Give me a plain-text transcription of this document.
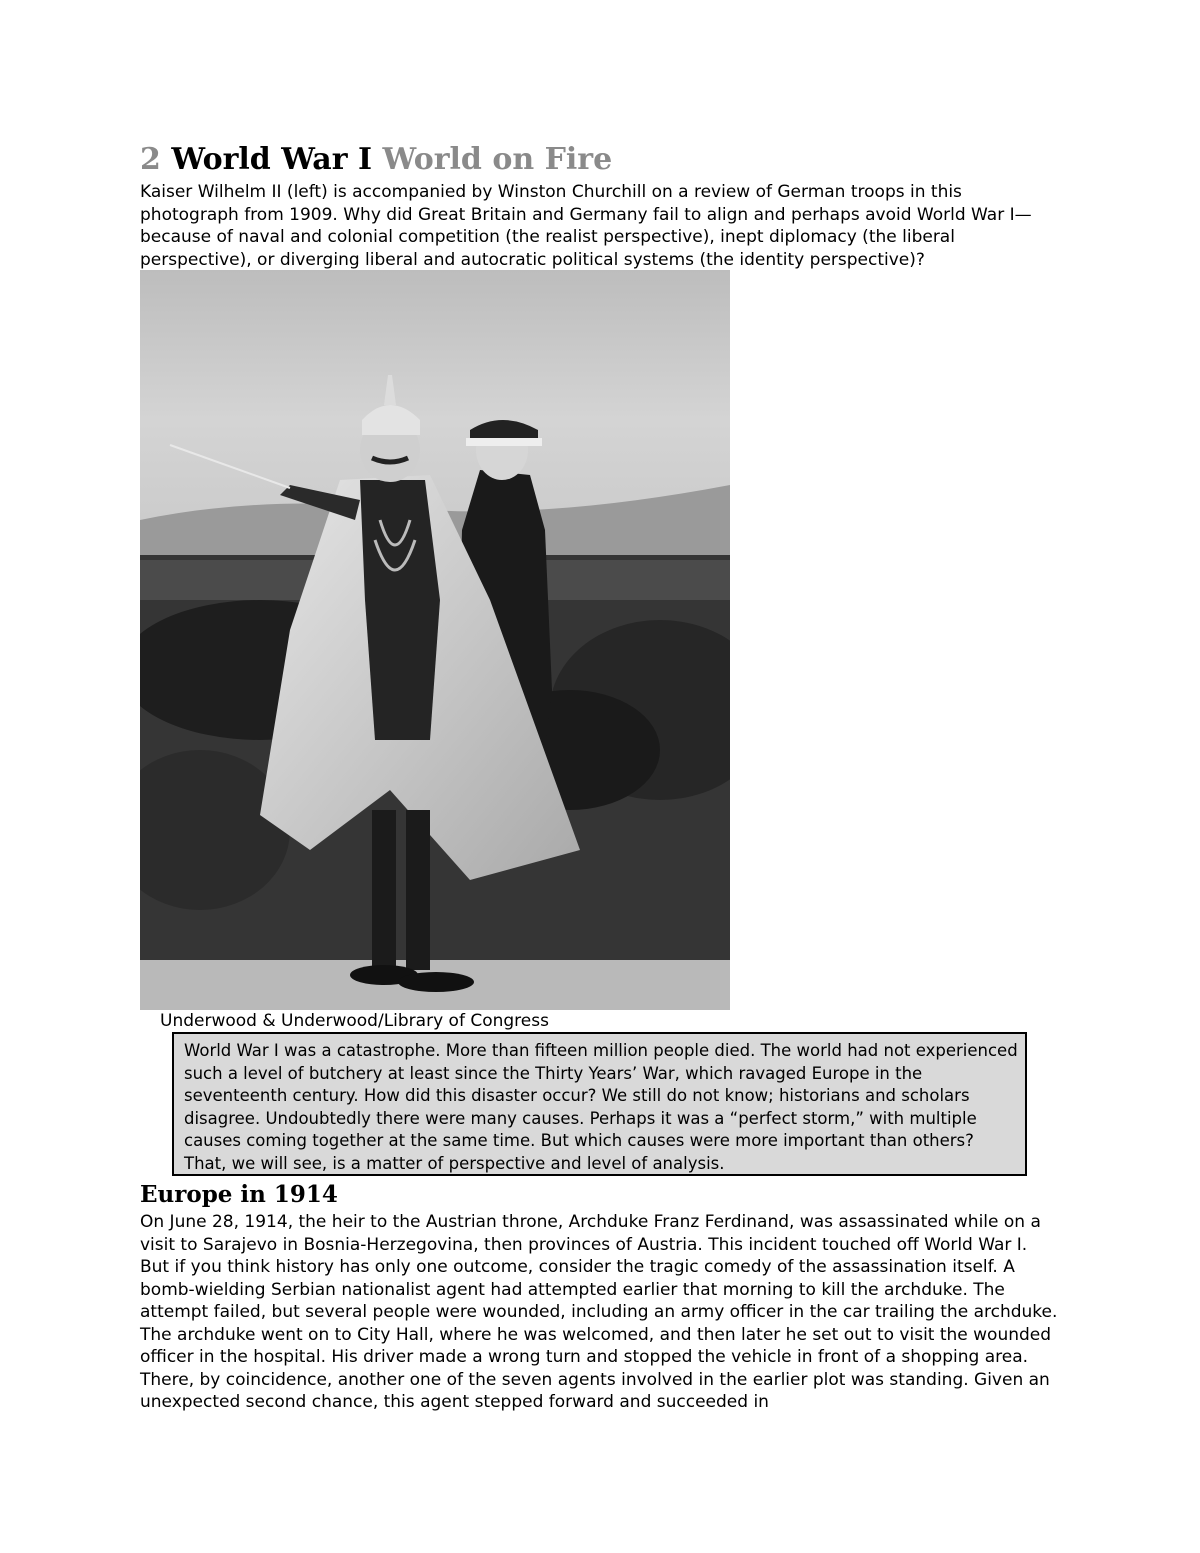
2 World War I World on Fire

Kaiser Wilhelm II (left) is accompanied by Winston Churchill on a review of German troops in this photograph from 1909. Why did Great Britain and Germany fail to align and perhaps avoid World War I—because of naval and colonial competition (the realist perspective), inept diplomacy (the liberal perspective), or diverging liberal and autocratic political systems (the identity perspective)?

Underwood & Underwood/Library of Congress

World War I was a catastrophe. More than fifteen million people died. The world had not experienced such a level of butchery at least since the Thirty Years’ War, which ravaged Europe in the seventeenth century. How did this disaster occur? We still do not know; historians and scholars disagree. Undoubtedly there were many causes. Perhaps it was a “perfect storm,” with multiple causes coming together at the same time. But which causes were more important than others? That, we will see, is a matter of perspective and level of analysis.

Europe in 1914

On June 28, 1914, the heir to the Austrian throne, Archduke Franz Ferdinand, was assassinated while on a visit to Sarajevo in Bosnia-Herzegovina, then provinces of Austria. This incident touched off World War I. But if you think history has only one outcome, consider the tragic comedy of the assassination itself. A bomb-wielding Serbian nationalist agent had attempted earlier that morning to kill the archduke. The attempt failed, but several people were wounded, including an army officer in the car trailing the archduke. The archduke went on to City Hall, where he was welcomed, and then later he set out to visit the wounded officer in the hospital. His driver made a wrong turn and stopped the vehicle in front of a shopping area. There, by coincidence, another one of the seven agents involved in the earlier plot was standing. Given an unexpected second chance, this agent stepped forward and succeeded in
